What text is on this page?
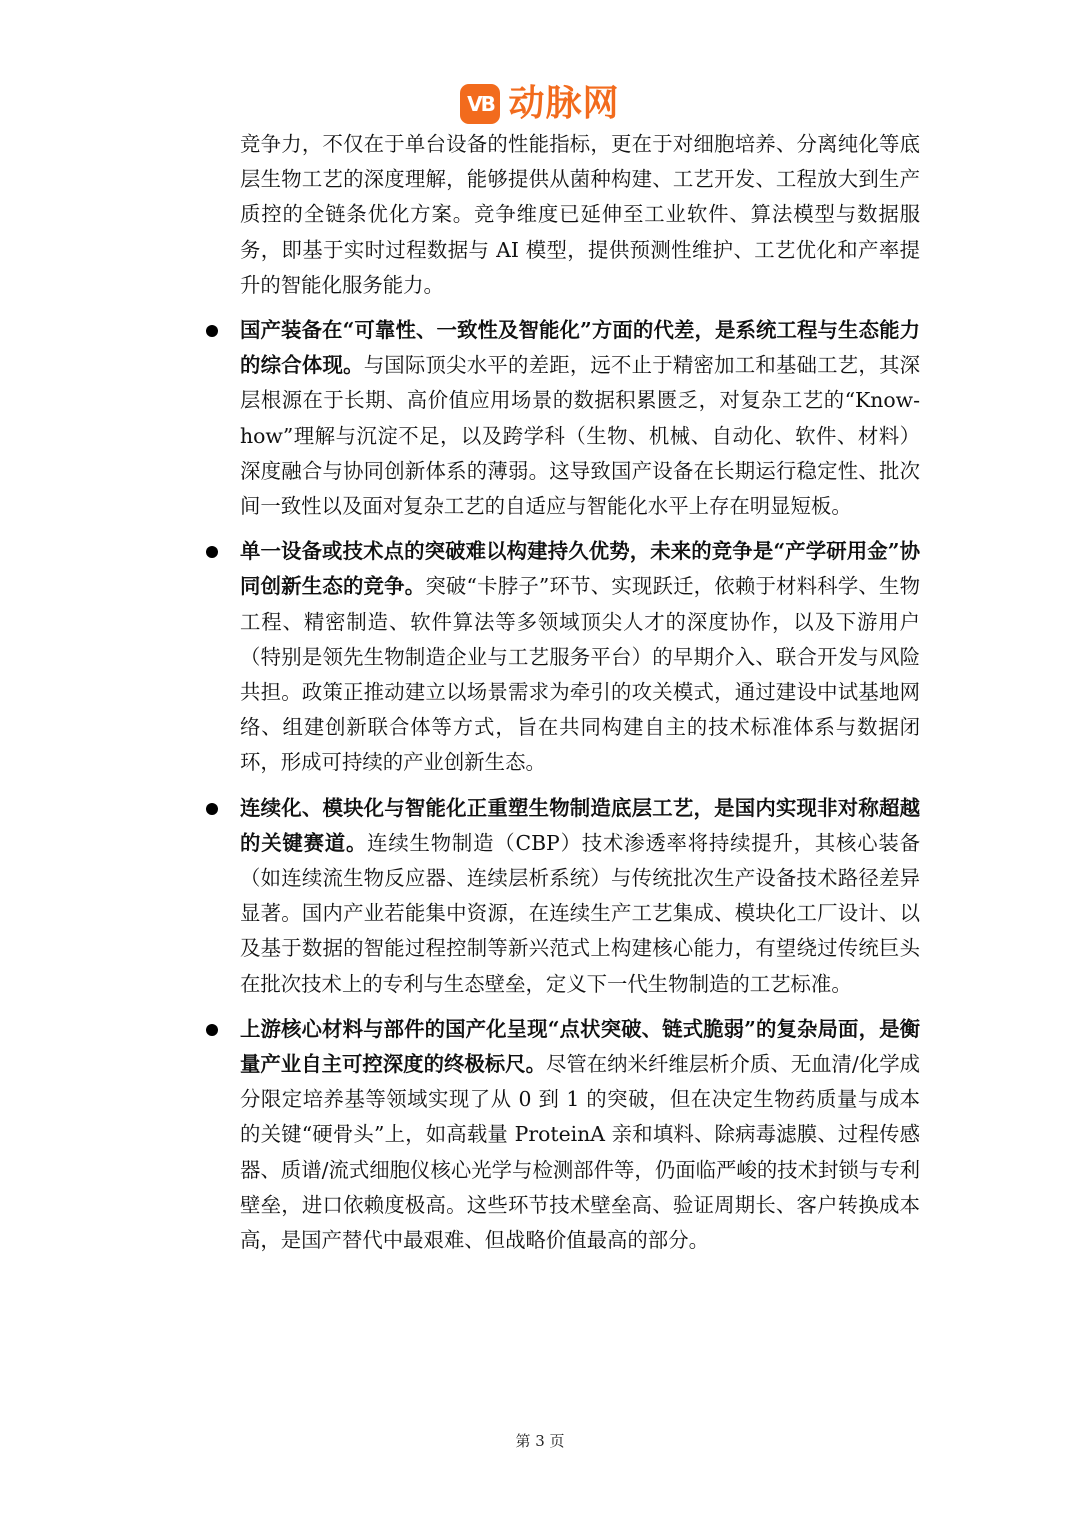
VB 动脉网

竞争力，不仅在于单台设备的性能指标，更在于对细胞培养、分离纯化等底层生物工艺的深度理解，能够提供从菌种构建、工艺开发、工程放大到生产质控的全链条优化方案。竞争维度已延伸至工业软件、算法模型与数据服务，即基于实时过程数据与 AI 模型，提供预测性维护、工艺优化和产率提升的智能化服务能力。

国产装备在“可靠性、一致性及智能化”方面的代差，是系统工程与生态能力的综合体现。与国际顶尖水平的差距，远不止于精密加工和基础工艺，其深层根源在于长期、高价值应用场景的数据积累匮乏，对复杂工艺的“Know-how”理解与沉淀不足，以及跨学科（生物、机械、自动化、软件、材料）深度融合与协同创新体系的薄弱。这导致国产设备在长期运行稳定性、批次间一致性以及面对复杂工艺的自适应与智能化水平上存在明显短板。

单一设备或技术点的突破难以构建持久优势，未来的竞争是“产学研用金”协同创新生态的竞争。突破“卡脖子”环节、实现跃迁，依赖于材料科学、生物工程、精密制造、软件算法等多领域顶尖人才的深度协作，以及下游用户（特别是领先生物制造企业与工艺服务平台）的早期介入、联合开发与风险共担。政策正推动建立以场景需求为牵引的攻关模式，通过建设中试基地网络、组建创新联合体等方式，旨在共同构建自主的技术标准体系与数据闭环，形成可持续的产业创新生态。

连续化、模块化与智能化正重塑生物制造底层工艺，是国内实现非对称超越的关键赛道。连续生物制造（CBP）技术渗透率将持续提升，其核心装备（如连续流生物反应器、连续层析系统）与传统批次生产设备技术路径差异显著。国内产业若能集中资源，在连续生产工艺集成、模块化工厂设计、以及基于数据的智能过程控制等新兴范式上构建核心能力，有望绕过传统巨头在批次技术上的专利与生态壁垒，定义下一代生物制造的工艺标准。

上游核心材料与部件的国产化呈现“点状突破、链式脆弱”的复杂局面，是衡量产业自主可控深度的终极标尺。尽管在纳米纤维层析介质、无血清/化学成分限定培养基等领域实现了从 0 到 1 的突破，但在决定生物药质量与成本的关键“硬骨头”上，如高载量 ProteinA 亲和填料、除病毒滤膜、过程传感器、质谱/流式细胞仪核心光学与检测部件等，仍面临严峻的技术封锁与专利壁垒，进口依赖度极高。这些环节技术壁垒高、验证周期长、客户转换成本高，是国产替代中最艰难、但战略价值最高的部分。

第 3 页
